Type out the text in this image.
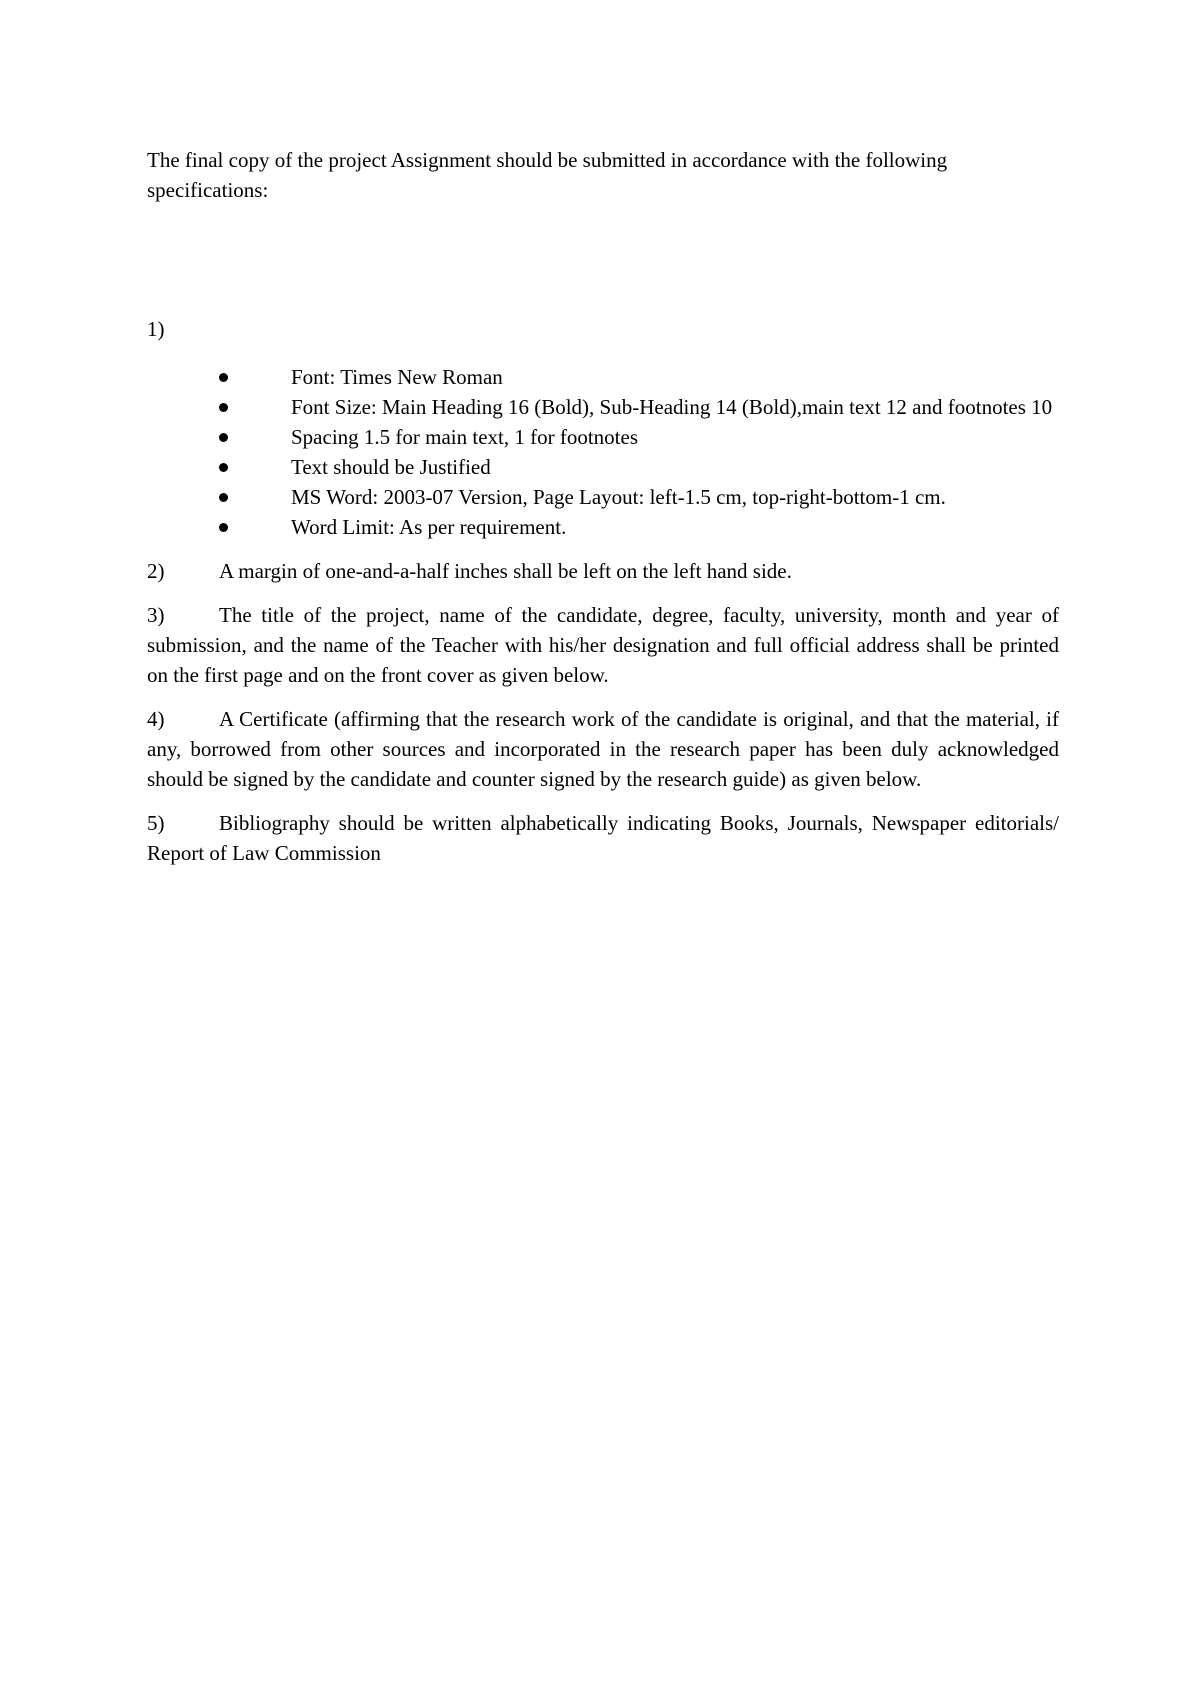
The final copy of the project Assignment should be submitted in accordance with the following specifications:

1)
Font: Times New Roman
Font Size: Main Heading 16 (Bold), Sub-Heading 14 (Bold),main text 12 and footnotes 10
Spacing 1.5 for main text, 1 for footnotes
Text should be Justified
MS Word: 2003-07 Version, Page Layout: left-1.5 cm, top-right-bottom-1 cm.
Word Limit: As per requirement.

2)	A margin of one-and-a-half inches shall be left on the left hand side.

3)	The title of the project, name of the candidate, degree, faculty, university, month and year of submission, and the name of the Teacher with his/her designation and full official address shall be printed on the first page and on the front cover as given below.

4)	A Certificate (affirming that the research work of the candidate is original, and that the material, if any, borrowed from other sources and incorporated in the research paper has been duly acknowledged should be signed by the candidate and counter signed by the research guide) as given below.

5)	Bibliography should be written alphabetically indicating Books, Journals, Newspaper editorials/ Report of Law Commission
